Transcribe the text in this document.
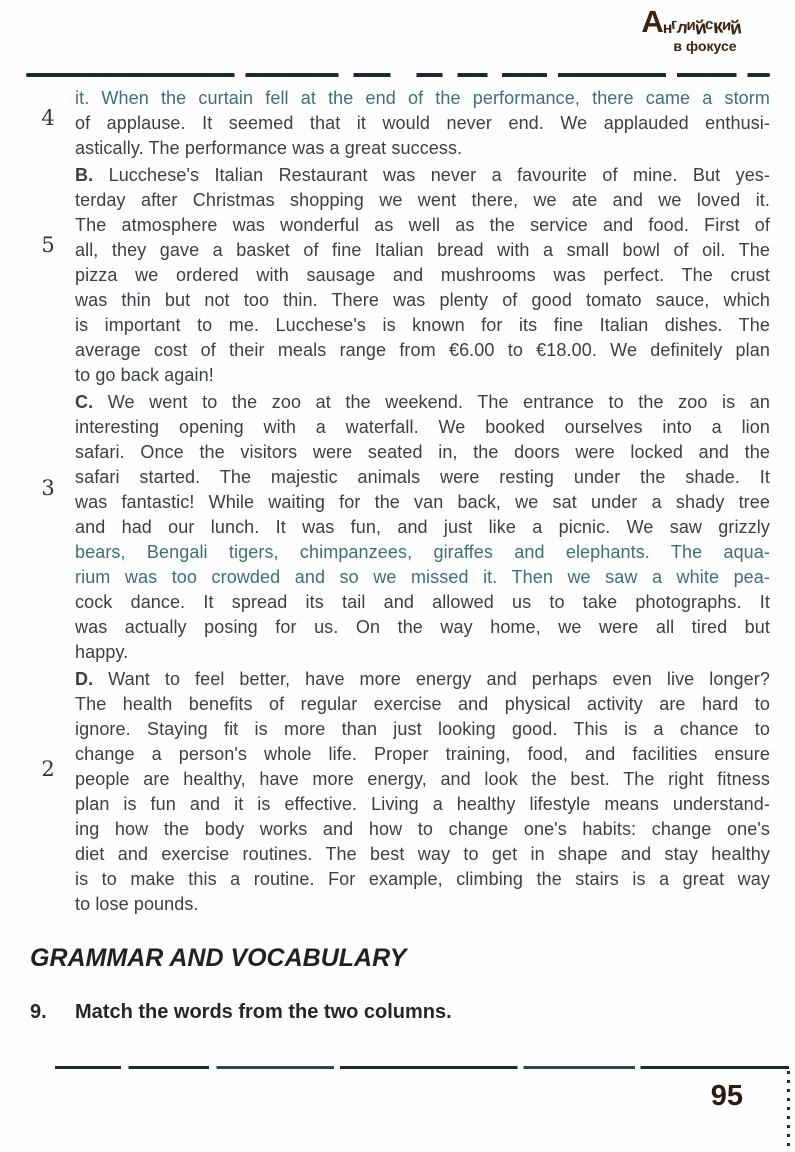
Английский
в фокусе
4
it. When the curtain fell at the end of the performance, there came a storm
of applause. It seemed that it would never end. We applauded enthusi-
astically. The performance was a great success.
5
B. Lucchese's Italian Restaurant was never a favourite of mine. But yes-
terday after Christmas shopping we went there, we ate and we loved it.
The atmosphere was wonderful as well as the service and food. First of
all, they gave a basket of fine Italian bread with a small bowl of oil. The
pizza we ordered with sausage and mushrooms was perfect. The crust
was thin but not too thin. There was plenty of good tomato sauce, which
is important to me. Lucchese's is known for its fine Italian dishes. The
average cost of their meals range from €6.00 to €18.00. We definitely plan
to go back again!
3
C. We went to the zoo at the weekend. The entrance to the zoo is an
interesting opening with a waterfall. We booked ourselves into a lion
safari. Once the visitors were seated in, the doors were locked and the
safari started. The majestic animals were resting under the shade. It
was fantastic! While waiting for the van back, we sat under a shady tree
and had our lunch. It was fun, and just like a picnic. We saw grizzly
bears, Bengali tigers, chimpanzees, giraffes and elephants. The aqua-
rium was too crowded and so we missed it. Then we saw a white pea-
cock dance. It spread its tail and allowed us to take photographs. It
was actually posing for us. On the way home, we were all tired but
happy.
2
D. Want to feel better, have more energy and perhaps even live longer?
The health benefits of regular exercise and physical activity are hard to
ignore. Staying fit is more than just looking good. This is a chance to
change a person's whole life. Proper training, food, and facilities ensure
people are healthy, have more energy, and look the best. The right fitness
plan is fun and it is effective. Living a healthy lifestyle means understand-
ing how the body works and how to change one's habits: change one's
diet and exercise routines. The best way to get in shape and stay healthy
is to make this a routine. For example, climbing the stairs is a great way
to lose pounds.
GRAMMAR AND VOCABULARY
9. Match the words from the two columns.
95
